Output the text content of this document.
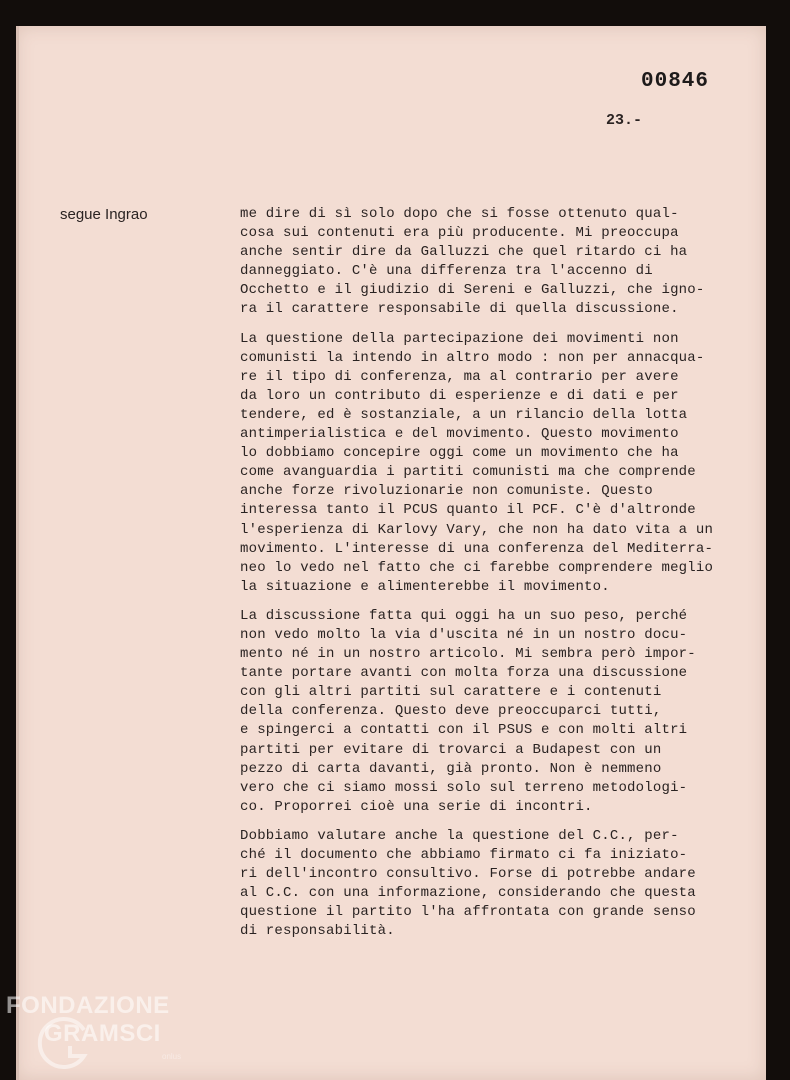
00846
23.-
segue Ingrao	me dire di sì solo dopo che si fosse ottenuto qual-
cosa sui contenuti era più producente. Mi preoccupa
anche sentir dire da Galluzzi che quel ritardo ci ha
danneggiato. C'è una differenza tra l'accenno di
Occhetto e il giudizio di Sereni e Galluzzi, che igno-
ra il carattere responsabile di quella discussione.

La questione della partecipazione dei movimenti non
comunisti la intendo in altro modo : non per annacqua-
re il tipo di conferenza, ma al contrario per avere
da loro un contributo di esperienze e di dati e per
tendere, ed è sostanziale, a un rilancio della lotta
antimperialistica e del movimento. Questo movimento
lo dobbiamo concepire oggi come un movimento che ha
come avanguardia i partiti comunisti ma che comprende
anche forze rivoluzionarie non comuniste. Questo
interessa tanto il PCUS quanto il PCF. C'è d'altronde
l'esperienza di Karlovy Vary, che non ha dato vita a un
movimento. L'interesse di una conferenza del Mediterra-
neo lo vedo nel fatto che ci farebbe comprendere meglio
la situazione e alimenterebbe il movimento.

La discussione fatta qui oggi ha un suo peso, perché
non vedo molto la via d'uscita né in un nostro docu-
mento né in un nostro articolo. Mi sembra però impor-
tante portare avanti con molta forza una discussione
con gli altri partiti sul carattere e i contenuti
della conferenza. Questo deve preoccuparci tutti,
e spingerci a contatti con il PSUS e con molti altri
partiti per evitare di trovarci a Budapest con un
pezzo di carta davanti, già pronto. Non è nemmeno
vero che ci siamo mossi solo sul terreno metodologi-
co. Proporrei cioè una serie di incontri.

Dobbiamo valutare anche la questione del C.C., per-
ché il documento che abbiamo firmato ci fa iniziato-
ri dell'incontro consultivo. Forse di potrebbe andare
al C.C. con una informazione, considerando che questa
questione il partito l'ha affrontata con grande senso
di responsabilità.

FONDAZIONE
GRAMSCI
onlus
